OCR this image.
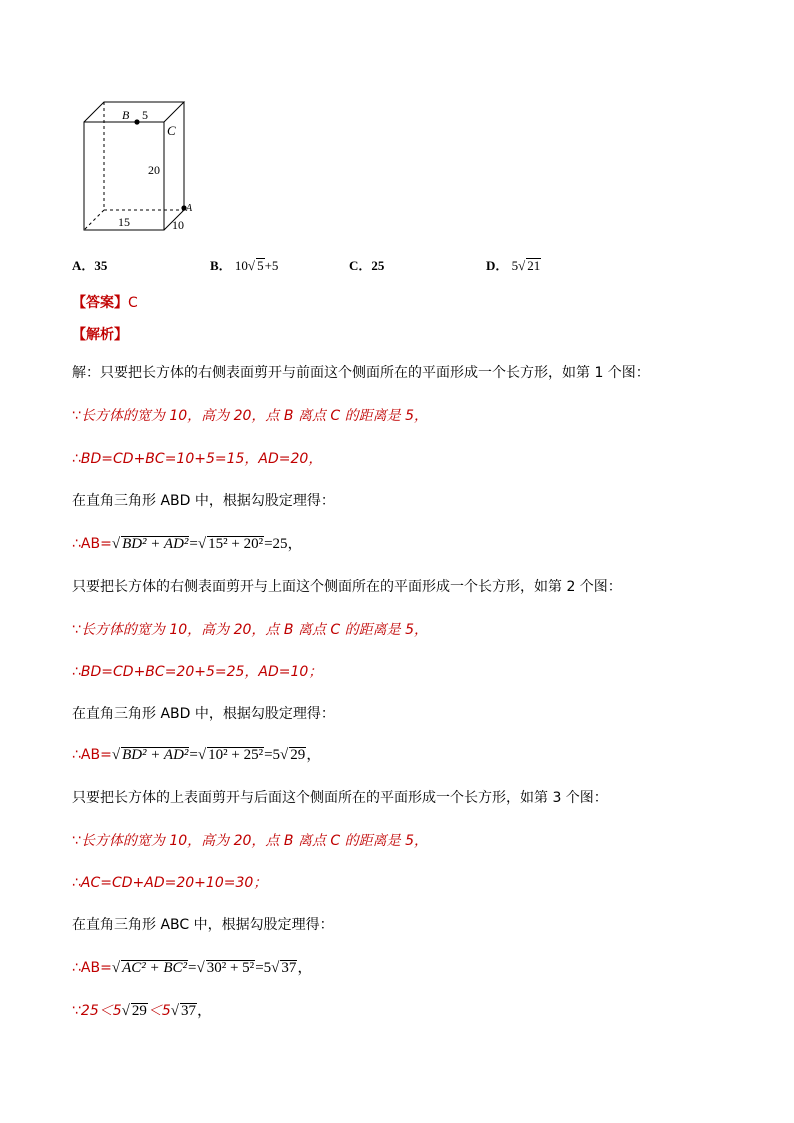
B 5
C
20
A
15	10
A．35	B． 10√ 5+5	C．25	D． 5√ 21
【答案】C
【解析】
解：只要把长方体的右侧表面剪开与前面这个侧面所在的平面形成一个长方形，如第 1 个图：
∵长方体的宽为 10，高为 20，点 B 离点 C 的距离是 5，
∴BD=CD+BC=10+5=15，AD=20，
在直角三角形 ABD 中，根据勾股定理得：
∴AB=√ BD² + AD²=√ 15² + 20²=25，
只要把长方体的右侧表面剪开与上面这个侧面所在的平面形成一个长方形，如第 2 个图：
∵长方体的宽为 10，高为 20，点 B 离点 C 的距离是 5，
∴BD=CD+BC=20+5=25，AD=10；
在直角三角形 ABD 中，根据勾股定理得：
∴AB=√ BD² + AD²=√ 10² + 25²=5√ 29，
只要把长方体的上表面剪开与后面这个侧面所在的平面形成一个长方形，如第 3 个图：
∵长方体的宽为 10，高为 20，点 B 离点 C 的距离是 5，
∴AC=CD+AD=20+10=30；
在直角三角形 ABC 中，根据勾股定理得：
∴AB=√ AC² + BC²=√ 30² + 5²=5√ 37，
∵25＜5√ 29＜5√ 37，
